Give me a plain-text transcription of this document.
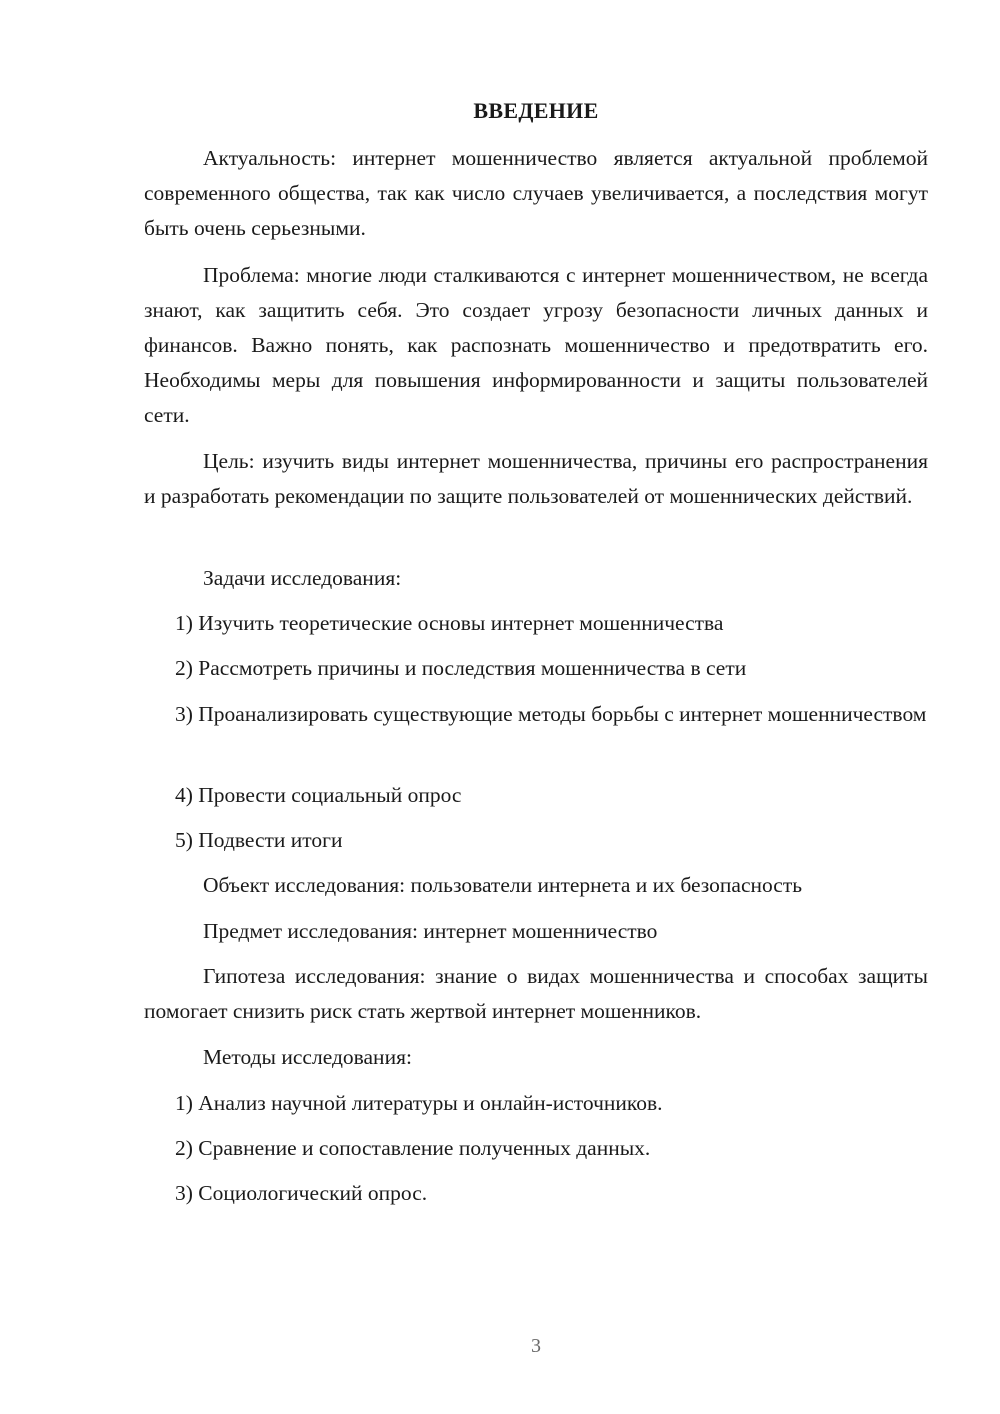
ВВЕДЕНИЕ

Актуальность: интернет мошенничество является актуальной проблемой современного общества, так как число случаев увеличивается, а последствия могут быть очень серьезными.

Проблема: многие люди сталкиваются с интернет мошенничеством, не всегда знают, как защитить себя. Это создает угрозу безопасности личных данных и финансов. Важно понять, как распознать мошенничество и предотвратить его. Необходимы меры для повышения информированности и защиты пользователей сети.

Цель: изучить виды интернет мошенничества, причины его распространения и разработать рекомендации по защите пользователей от мошеннических действий.

Задачи исследования:

1) Изучить теоретические основы интернет мошенничества

2) Рассмотреть причины и последствия мошенничества в сети

3) Проанализировать существующие методы борьбы с интернет мошенничеством

4) Провести социальный опрос

5) Подвести итоги

Объект исследования: пользователи интернета и их безопасность

Предмет исследования: интернет мошенничество

Гипотеза исследования: знание о видах мошенничества и способах защиты помогает снизить риск стать жертвой интернет мошенников.

Методы исследования:

1) Анализ научной литературы и онлайн-источников.

2) Сравнение и сопоставление полученных данных.

3) Социологический опрос.

3
